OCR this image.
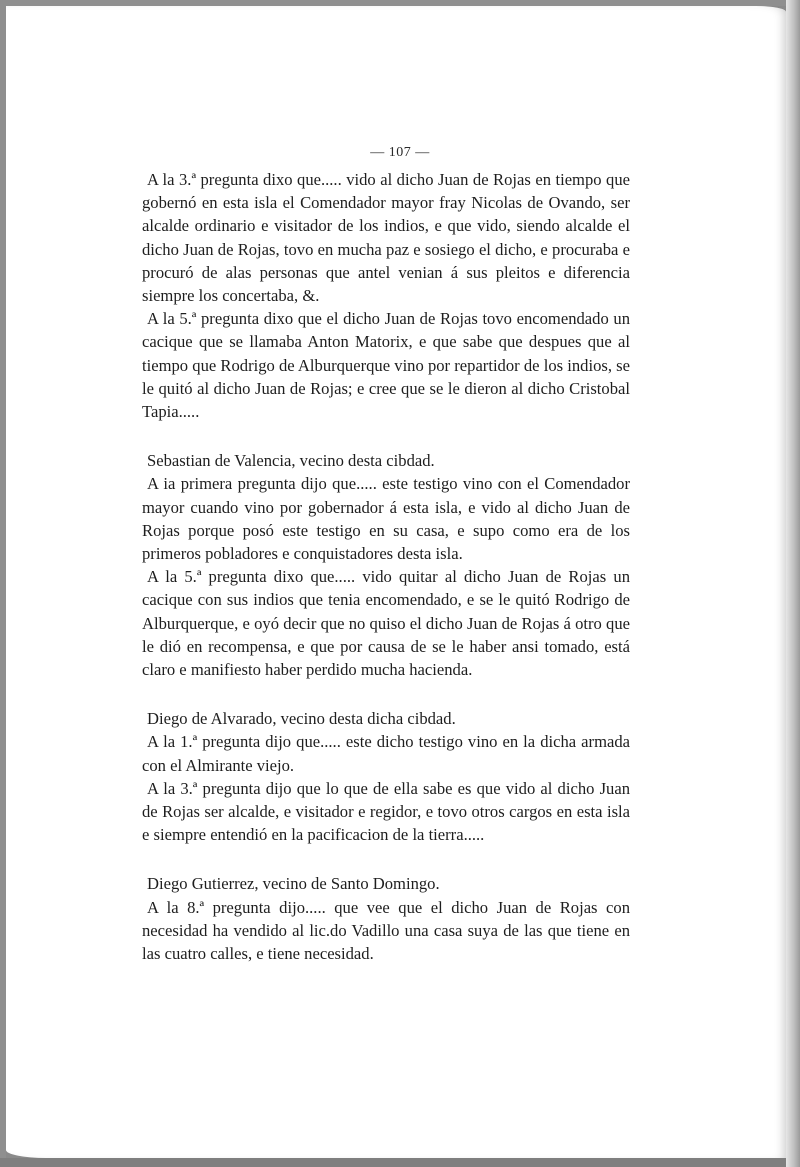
— 107 —

A la 3.ª pregunta dixo que..... vido al dicho Juan de Rojas en tiempo que gobernó en esta isla el Comendador mayor fray Nicolas de Ovando, ser alcalde ordinario e visitador de los indios, e que vido, siendo alcalde el dicho Juan de Rojas, tovo en mucha paz e sosiego el dicho, e procuraba e procuró de alas personas que antel venian á sus pleitos e diferencia siempre los concertaba, &.

A la 5.ª pregunta dixo que el dicho Juan de Rojas tovo encomendado un cacique que se llamaba Anton Matorix, e que sabe que despues que al tiempo que Rodrigo de Alburquerque vino por repartidor de los indios, se le quitó al dicho Juan de Rojas; e cree que se le dieron al dicho Cristobal Tapia.....

Sebastian de Valencia, vecino desta cibdad.

A ia primera pregunta dijo que..... este testigo vino con el Comendador mayor cuando vino por gobernador á esta isla, e vido al dicho Juan de Rojas porque posó este testigo en su casa, e supo como era de los primeros pobladores e conquistadores desta isla.

A la 5.ª pregunta dixo que..... vido quitar al dicho Juan de Rojas un cacique con sus indios que tenia encomendado, e se le quitó Rodrigo de Alburquerque, e oyó decir que no quiso el dicho Juan de Rojas á otro que le dió en recompensa, e que por causa de se le haber ansi tomado, está claro e manifiesto haber perdido mucha hacienda.

Diego de Alvarado, vecino desta dicha cibdad.

A la 1.ª pregunta dijo que..... este dicho testigo vino en la dicha armada con el Almirante viejo.

A la 3.ª pregunta dijo que lo que de ella sabe es que vido al dicho Juan de Rojas ser alcalde, e visitador e regidor, e tovo otros cargos en esta isla e siempre entendió en la pacificacion de la tierra.....

Diego Gutierrez, vecino de Santo Domingo.

A la 8.ª pregunta dijo..... que vee que el dicho Juan de Rojas con necesidad ha vendido al lic.do Vadillo una casa suya de las que tiene en las cuatro calles, e tiene necesidad.
